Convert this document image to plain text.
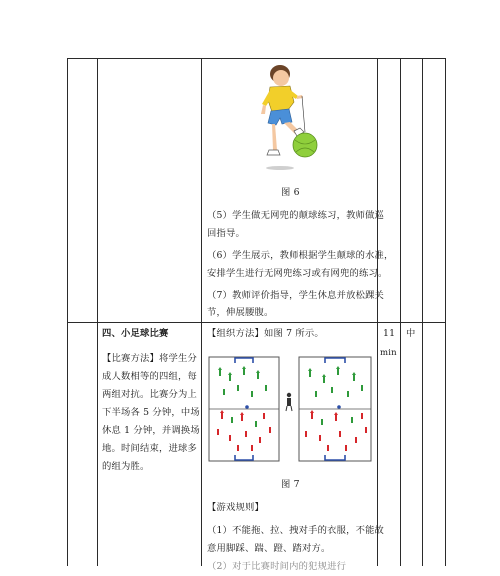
图 6
（5）学生做无网兜的颠球练习，教师做巡
回指导。
（6）学生展示，教师根据学生颠球的水准，
安排学生进行无网兜练习或有网兜的练习。
（7）教师评价指导，学生休息并放松踝关
节，伸展腰腹。
四、小足球比赛
【比赛方法】将学生分
成人数相等的四组，每
两组对抗。比赛分为上
下半场各 5 分钟，中场
休息 1 分钟，并调换场
地。时间结束，进球多
的组为胜。
【组织方法】如图 7 所示。
图 7
【游戏规则】
（1）不能拖、拉、拽对手的衣服，不能故
意用脚踩、踹、蹬、踏对方。
（2）对于比赛时间内的犯规进行
11
min
中
